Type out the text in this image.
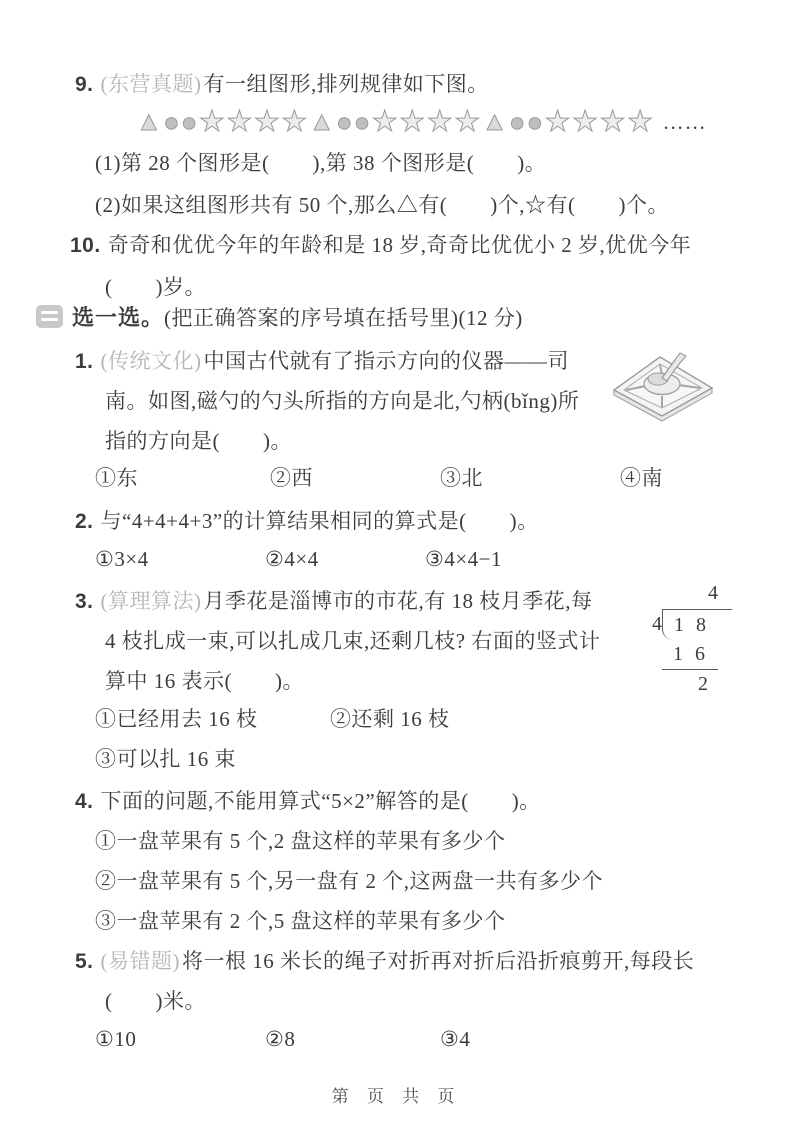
9. (东营真题)有一组图形,排列规律如下图。
▲ ● ● ★ ★ ★ ★ ▲ ● ● ★ ★ ★ ★ ▲ ● ● ★ ★ ★ ★ ……
(1)第 28 个图形是(　　),第 38 个图形是(　　)。
(2)如果这组图形共有 50 个,那么△有(　　)个,☆有(　　)个。
10. 奇奇和优优今年的年龄和是 18 岁,奇奇比优优小 2 岁,优优今年
(　　)岁。
选一选。(把正确答案的序号填在括号里)(12 分)
1. (传统文化)中国古代就有了指示方向的仪器——司
南。如图,磁勺的勺头所指的方向是北,勺柄(bǐng)所
指的方向是(　　)。
①东	②西	③北	④南
2. 与“4+4+4+3”的计算结果相同的算式是(　　)。
①3×4	②4×4	③4×4−1
3. (算理算法)月季花是淄博市的市花,有 18 枝月季花,每
4 枝扎成一束,可以扎成几束,还剩几枝? 右面的竖式计
算中 16 表示(　　)。
①已经用去 16 枝	②还剩 16 枝
③可以扎 16 束
4
4 1 8
1 6
2
4. 下面的问题,不能用算式“5×2”解答的是(　　)。
①一盘苹果有 5 个,2 盘这样的苹果有多少个
②一盘苹果有 5 个,另一盘有 2 个,这两盘一共有多少个
③一盘苹果有 2 个,5 盘这样的苹果有多少个
5. (易错题)将一根 16 米长的绳子对折再对折后沿折痕剪开,每段长
(　　)米。
①10	②8	③4
第 页 共 页
